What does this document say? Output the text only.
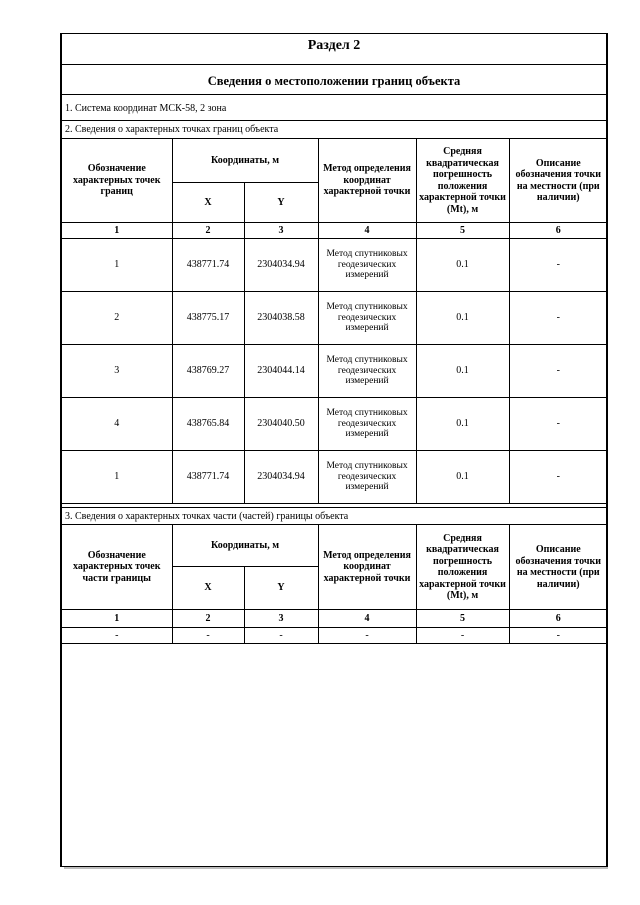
Раздел 2
Сведения о местоположении границ объекта
1. Система координат МСК-58, 2 зона
2. Сведения о характерных точках границ объекта
Обозначение характерных точек границ	Координаты, м		Метод определения координат характерной точки	Средняя квадратическая погрешность положения характерной точки (Mt), м	Описание обозначения точки на местности (при наличии)
	X	Y			
1	2	3	4	5	6
1	438771.74	2304034.94	Метод спутниковых геодезических измерений	0.1	-
2	438775.17	2304038.58	Метод спутниковых геодезических измерений	0.1	-
3	438769.27	2304044.14	Метод спутниковых геодезических измерений	0.1	-
4	438765.84	2304040.50	Метод спутниковых геодезических измерений	0.1	-
1	438771.74	2304034.94	Метод спутниковых геодезических измерений	0.1	-
3. Сведения о характерных точках части (частей) границы объекта
Обозначение характерных точек части границы	Координаты, м		Метод определения координат характерной точки	Средняя квадратическая погрешность положения характерной точки (Mt), м	Описание обозначения точки на местности (при наличии)
	X	Y			
1	2	3	4	5	6
-	-	-	-	-	-
